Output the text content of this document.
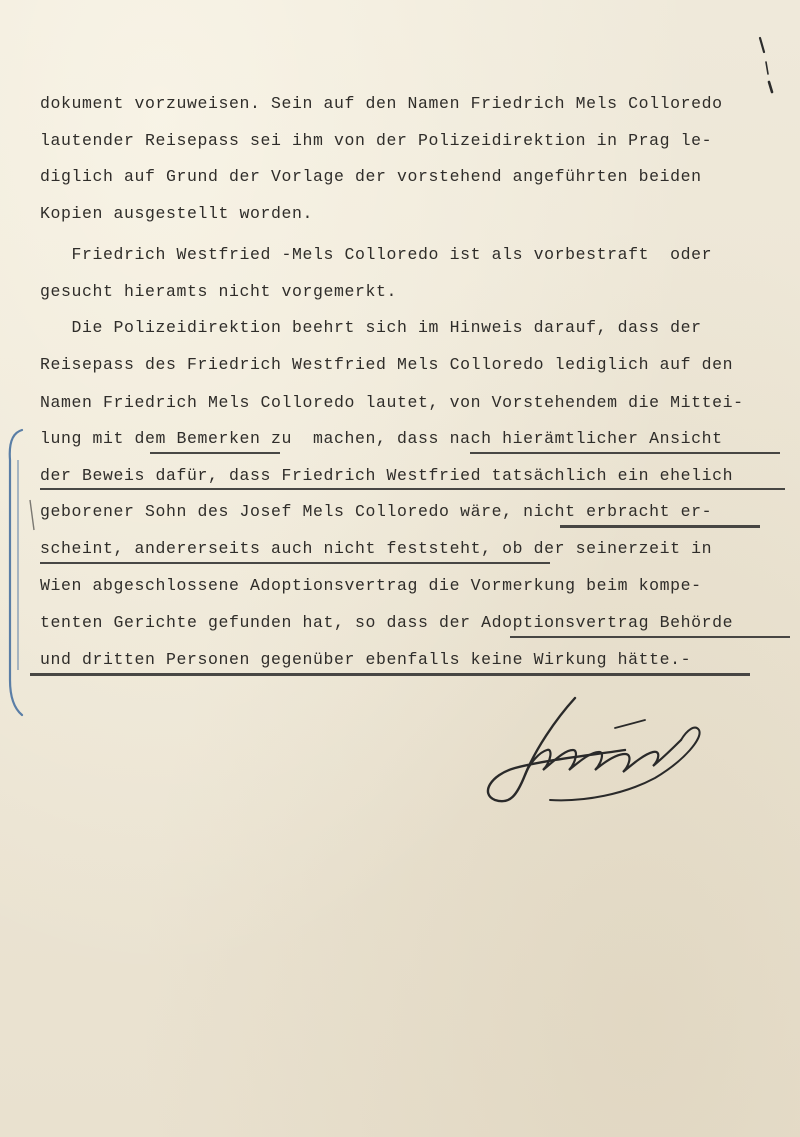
dokument vorzuweisen. Sein auf den Namen Friedrich Mels Colloredo
lautender Reisepass sei ihm von der Polizeidirektion in Prag le-
diglich auf Grund der Vorlage der vorstehend angeführten beiden
Kopien ausgestellt worden.
Friedrich Westfried -Mels Colloredo ist als vorbestraft  oder
gesucht hieramts nicht vorgemerkt.
Die Polizeidirektion beehrt sich im Hinweis darauf, dass der
Reisepass des Friedrich Westfried Mels Colloredo lediglich auf den
Namen Friedrich Mels Colloredo lautet, von Vorstehendem die Mittei-
lung mit dem Bemerken zu  machen, dass nach hierämtlicher Ansicht
der Beweis dafür, dass Friedrich Westfried tatsächlich ein ehelich
geborener Sohn des Josef Mels Colloredo wäre, nicht erbracht er-
scheint, andererseits auch nicht feststeht, ob der seinerzeit in
Wien abgeschlossene Adoptionsvertrag die Vormerkung beim kompe-
tenten Gerichte gefunden hat, so dass der Adoptionsvertrag Behörde
und dritten Personen gegenüber ebenfalls keine Wirkung hätte.-
